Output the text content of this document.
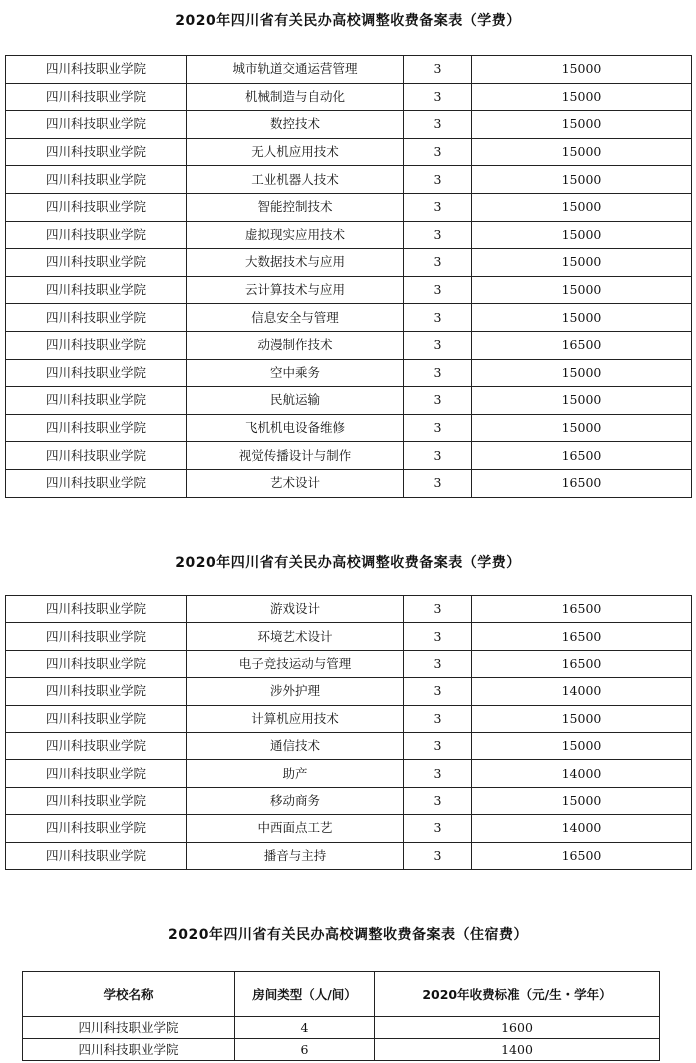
2020年四川省有关民办高校调整收费备案表（学费）
四川科技职业学院	城市轨道交通运营管理	3	15000
四川科技职业学院	机械制造与自动化	3	15000
四川科技职业学院	数控技术	3	15000
四川科技职业学院	无人机应用技术	3	15000
四川科技职业学院	工业机器人技术	3	15000
四川科技职业学院	智能控制技术	3	15000
四川科技职业学院	虚拟现实应用技术	3	15000
四川科技职业学院	大数据技术与应用	3	15000
四川科技职业学院	云计算技术与应用	3	15000
四川科技职业学院	信息安全与管理	3	15000
四川科技职业学院	动漫制作技术	3	16500
四川科技职业学院	空中乘务	3	15000
四川科技职业学院	民航运输	3	15000
四川科技职业学院	飞机机电设备维修	3	15000
四川科技职业学院	视觉传播设计与制作	3	16500
四川科技职业学院	艺术设计	3	16500
2020年四川省有关民办高校调整收费备案表（学费）
四川科技职业学院	游戏设计	3	16500
四川科技职业学院	环境艺术设计	3	16500
四川科技职业学院	电子竞技运动与管理	3	16500
四川科技职业学院	涉外护理	3	14000
四川科技职业学院	计算机应用技术	3	15000
四川科技职业学院	通信技术	3	15000
四川科技职业学院	助产	3	14000
四川科技职业学院	移动商务	3	15000
四川科技职业学院	中西面点工艺	3	14000
四川科技职业学院	播音与主持	3	16500
2020年四川省有关民办高校调整收费备案表（住宿费）
学校名称	房间类型（人/间）	2020年收费标准（元/生・学年）
四川科技职业学院	4	1600
四川科技职业学院	6	1400
